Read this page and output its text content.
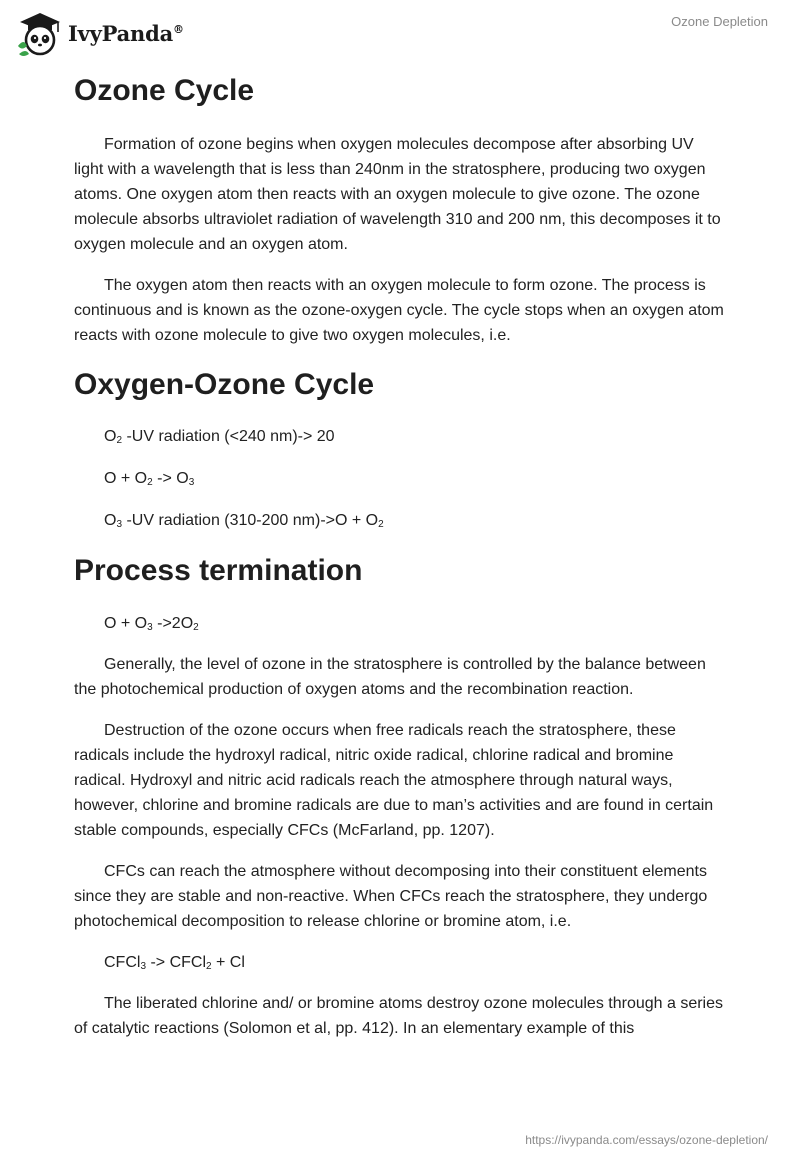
IvyPanda®	Ozone Depletion
Ozone Cycle

Formation of ozone begins when oxygen molecules decompose after absorbing UV light with a wavelength that is less than 240nm in the stratosphere, producing two oxygen atoms. One oxygen atom then reacts with an oxygen molecule to give ozone. The ozone molecule absorbs ultraviolet radiation of wavelength 310 and 200 nm, this decomposes it to oxygen molecule and an oxygen atom.

The oxygen atom then reacts with an oxygen molecule to form ozone. The process is continuous and is known as the ozone-oxygen cycle. The cycle stops when an oxygen atom reacts with ozone molecule to give two oxygen molecules, i.e.

Oxygen-Ozone Cycle

$O_2$ -UV radiation (<240 nm)-> 20

$O + O_2 -> O_3$

$O_3$ -UV radiation (310-200 $nm)->O + O_2$

Process termination

$O + O_3$ $->2O_2$

Generally, the level of ozone in the stratosphere is controlled by the balance between the photochemical production of oxygen atoms and the recombination reaction.

Destruction of the ozone occurs when free radicals reach the stratosphere, these radicals include the hydroxyl radical, nitric oxide radical, chlorine radical and bromine radical. Hydroxyl and nitric acid radicals reach the atmosphere through natural ways, however, chlorine and bromine radicals are due to man’s activities and are found in certain stable compounds, especially CFCs (McFarland, pp. 1207).

CFCs can reach the atmosphere without decomposing into their constituent elements since they are stable and non-reactive. When CFCs reach the stratosphere, they undergo photochemical decomposition to release chlorine or bromine atom, i.e.

CFCl$_3$ -> CFCl$_2$ + Cl

The liberated chlorine and/ or bromine atoms destroy ozone molecules through a series of catalytic reactions (Solomon et al, pp. 412). In an elementary example of this

https://ivypanda.com/essays/ozone-depletion/
